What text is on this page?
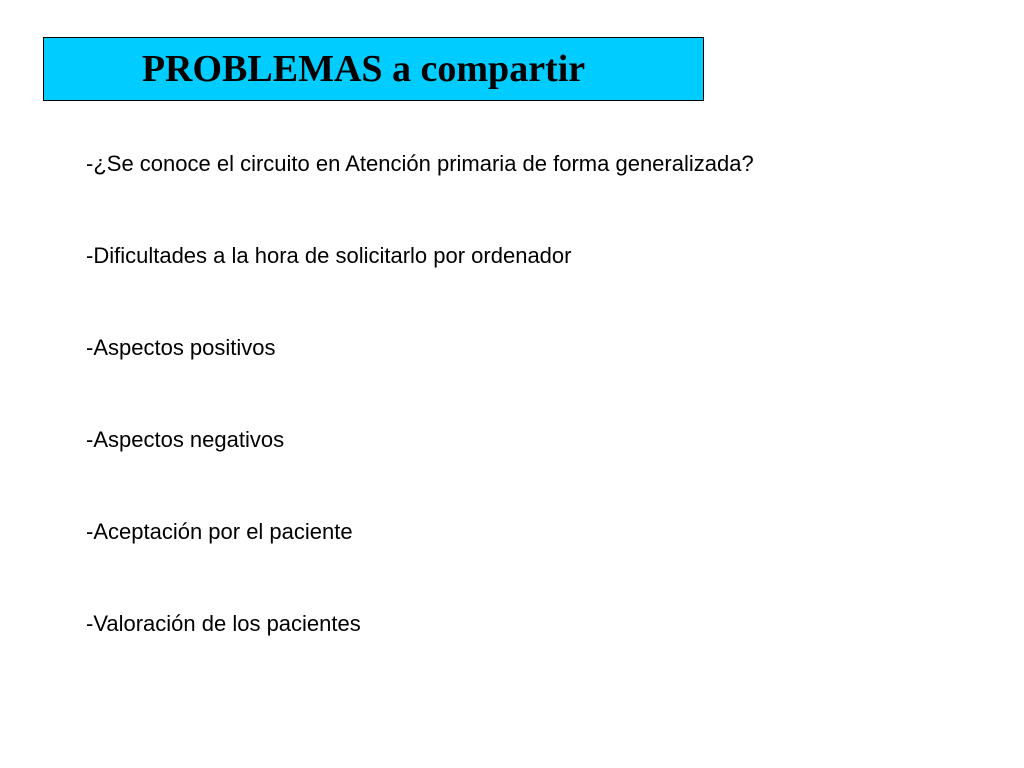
PROBLEMAS a compartir
-¿Se conoce el circuito en Atención primaria de forma generalizada?
-Dificultades a la hora de solicitarlo por ordenador
-Aspectos positivos
-Aspectos negativos
-Aceptación por el paciente
-Valoración de los pacientes
